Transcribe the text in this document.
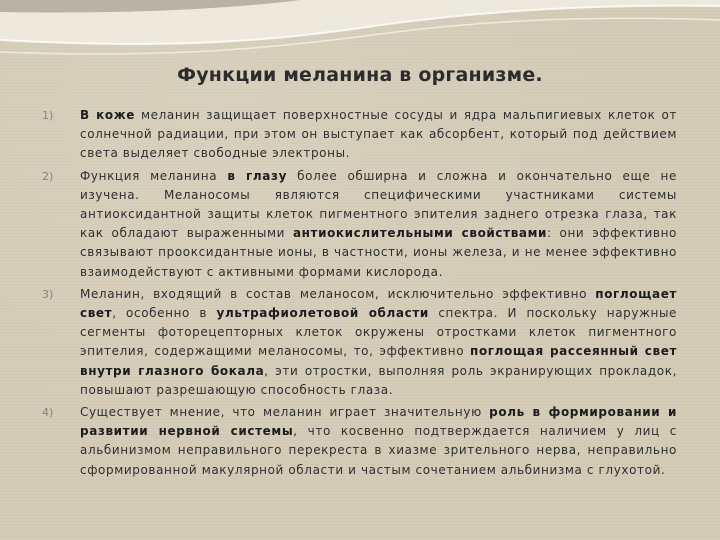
Функции меланина в организме.
1)	В коже меланин защищает поверхностные сосуды и ядра мальпигиевых клеток от солнечной радиации, при этом он выступает как абсорбент, который под действием света выделяет свободные электроны.
2)	Функция меланина в глазу более обширна и сложна и окончательно еще не изучена. Меланосомы являются специфическими участниками системы антиоксидантной защиты клеток пигментного эпителия заднего отрезка глаза, так как обладают выраженными антиокислительными свойствами: они эффективно связывают прооксидантные ионы, в частности, ионы железа, и не менее эффективно взаимодействуют с активными формами кислорода.
3)	Меланин, входящий в состав меланосом, исключительно эффективно поглощает свет, особенно в ультрафиолетовой области спектра. И поскольку наружные сегменты фоторецепторных клеток окружены отростками клеток пигментного эпителия, содержащими меланосомы, то, эффективно поглощая рассеянный свет внутри глазного бокала, эти отростки, выполняя роль экранирующих прокладок, повышают разрешающую способность глаза.
4)	Существует мнение, что меланин играет значительную роль в формировании и развитии нервной системы, что косвенно подтверждается наличием у лиц с альбинизмом неправильного перекреста в хиазме зрительного нерва, неправильно сформированной макулярной области и частым сочетанием альбинизма с глухотой.
